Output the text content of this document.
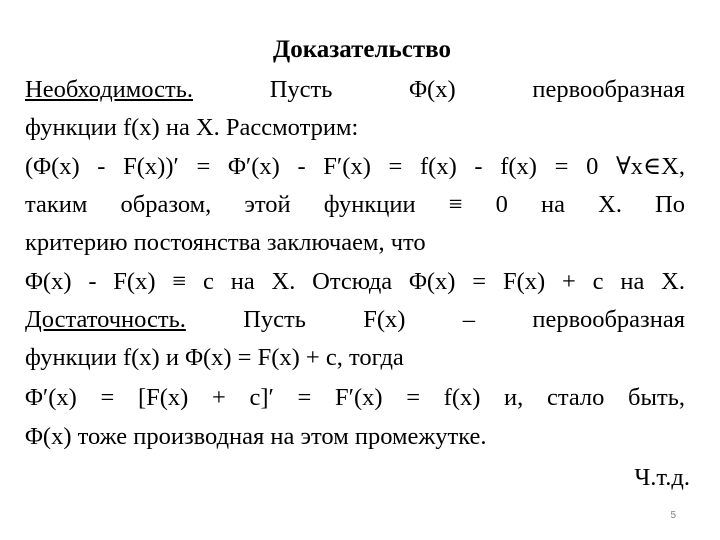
Доказательство
Необходимость. Пусть Φ(x) первообразная
функции f(x) на X. Рассмотрим:
(Φ(x) - F(x))′ = Φ′(x) - F′(x) = f(x) - f(x) = 0 ∀x∈X,
таким образом, этой функции ≡ 0 на X. По
критерию постоянства заключаем, что
Φ(x) - F(x) ≡ c на X. Отсюда Φ(x) = F(x) + c на X.
Достаточность. Пусть F(x) – первообразная
функции f(x) и Φ(x) = F(x) + c, тогда
Φ′(x) = [F(x) + c]′ = F′(x) = f(x) и, стало быть,
Φ(x) тоже производная на этом промежутке.
Ч.т.д.
5
